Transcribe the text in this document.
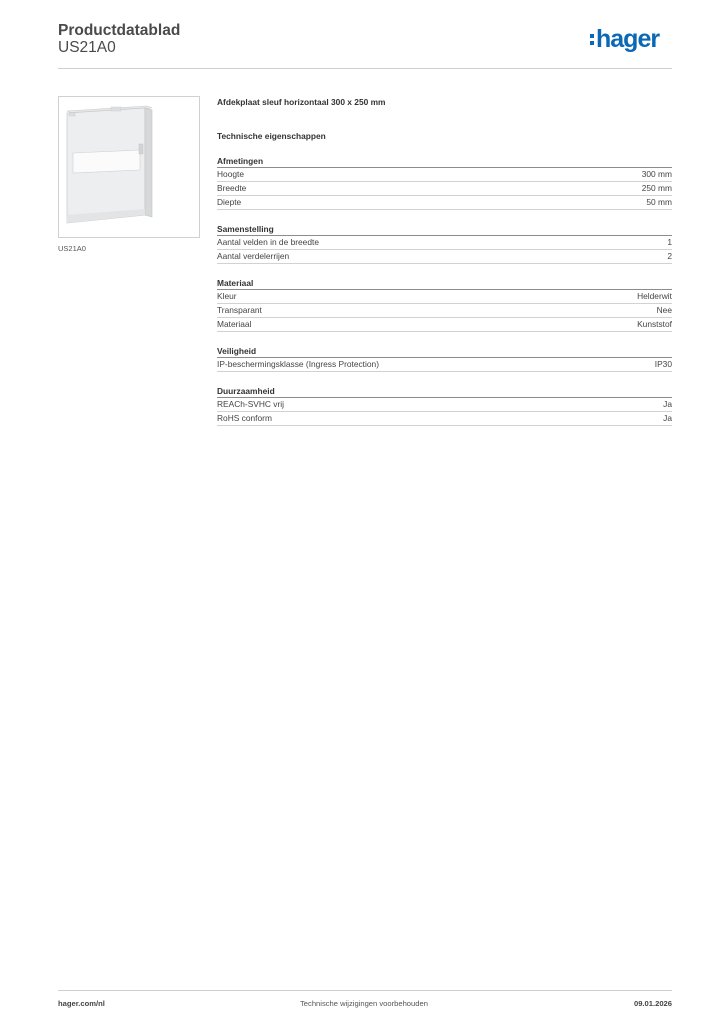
Productdatablad
US21A0	hager
US21A0
Afdekplaat sleuf horizontaal 300 x 250 mm
Technische eigenschappen
Afmetingen
Hoogte	300 mm
Breedte	250 mm
Diepte	50 mm
Samenstelling
Aantal velden in de breedte	1
Aantal verdelerrijen	2
Materiaal
Kleur	Helderwit
Transparant	Nee
Materiaal	Kunststof
Veiligheid
IP-beschermingsklasse (Ingress Protection)	IP30
Duurzaamheid
REACh-SVHC vrij	Ja
RoHS conform	Ja
hager.com/nl	Technische wijzigingen voorbehouden	09.01.2026
